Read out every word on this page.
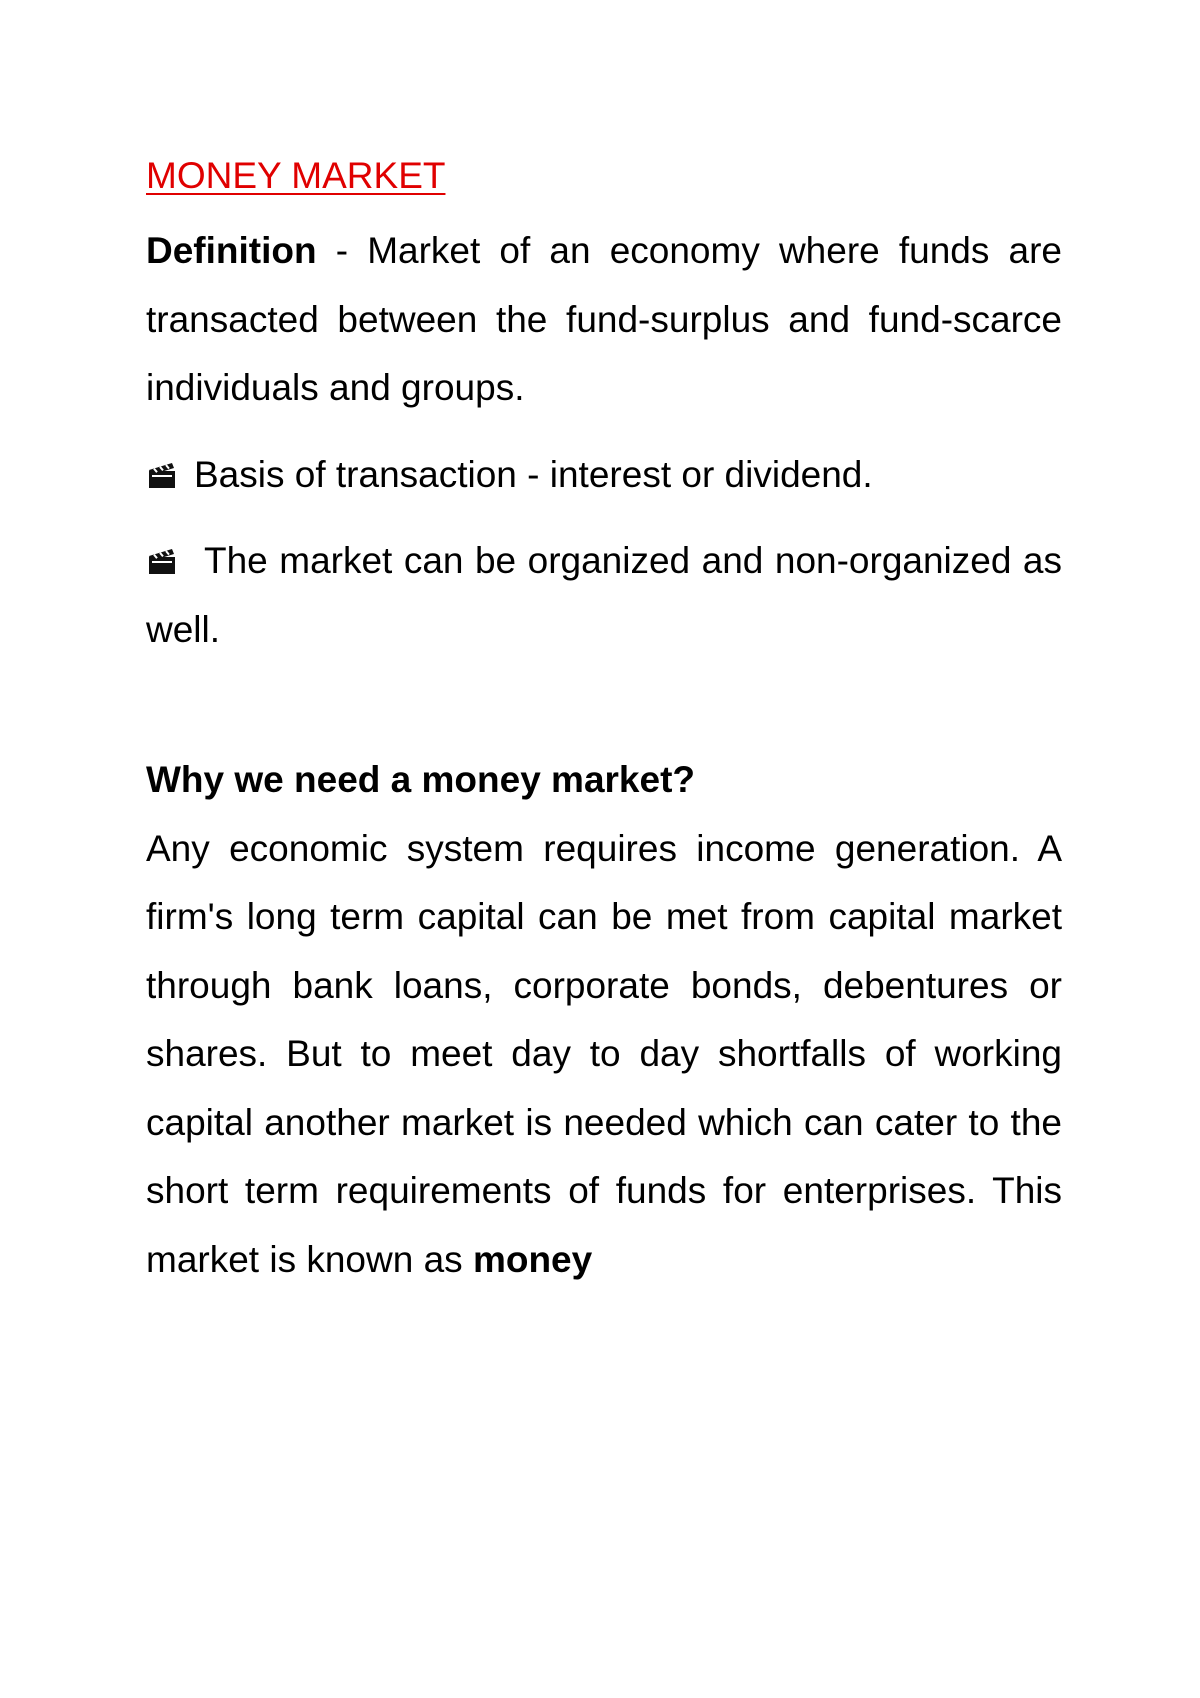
MONEY MARKET

Definition - Market of an economy where funds are transacted between the fund-surplus and fund-scarce individuals and groups.

Basis of transaction - interest or dividend.

The market can be organized and non-organized as well.

Why we need a money market?

Any economic system requires income generation. A firm's long term capital can be met from capital market through bank loans, corporate bonds, debentures or shares. But to meet day to day shortfalls of working capital another market is needed which can cater to the short term requirements of funds for enterprises. This market is known as money
